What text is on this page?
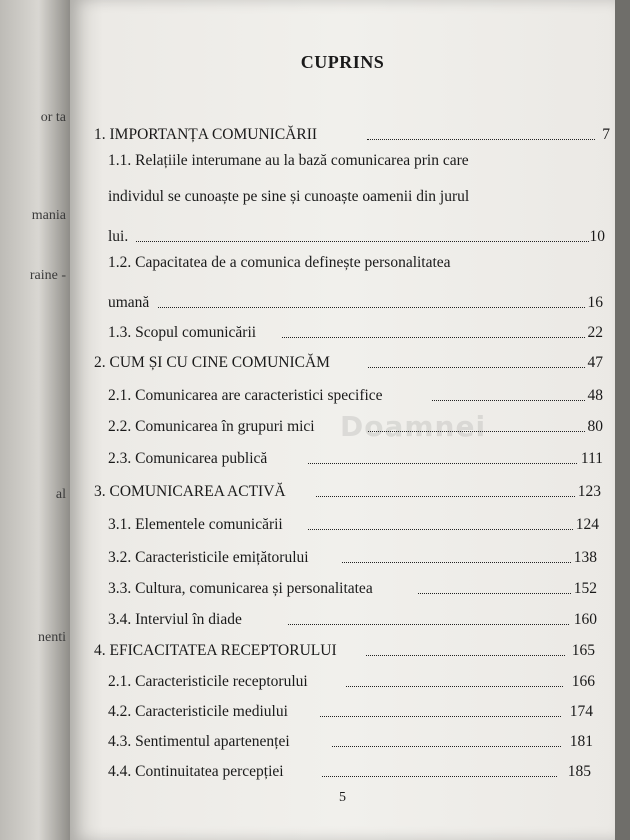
or ta
mania
raine -
al
nenti
CUPRINS
Doamnei
1. IMPORTANȚA COMUNICĂRII	7
1.1. Relațiile interumane au la bază comunicarea prin care
individul se cunoaște pe sine și cunoaște oamenii din jurul
lui.	10
1.2. Capacitatea de a comunica definește personalitatea
umană	16
1.3. Scopul comunicării	22
2. CUM ȘI CU CINE COMUNICĂM	47
2.1. Comunicarea are caracteristici specifice	48
2.2. Comunicarea în grupuri mici	80
2.3. Comunicarea publică	111
3. COMUNICAREA ACTIVĂ	123
3.1. Elementele comunicării	124
3.2. Caracteristicile emițătorului	138
3.3. Cultura, comunicarea și personalitatea	152
3.4. Interviul în diade	160
4. EFICACITATEA RECEPTORULUI	165
2.1. Caracteristicile receptorului	166
4.2. Caracteristicile mediului	174
4.3. Sentimentul apartenenței	181
4.4. Continuitatea percepției	185
5
